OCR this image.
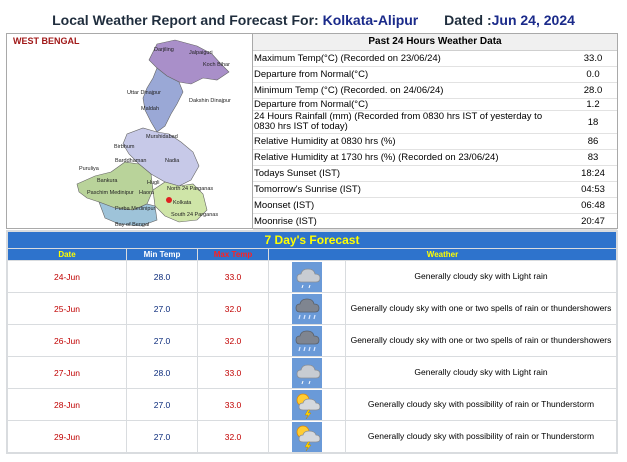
Local Weather Report and Forecast For: Kolkata-Alipur Dated :Jun 24, 2024
Darjiling	Jalpaiguri
Koch Bihar
Uttar Dinajpur
Dakshin Dinajpur
Maldah
Murshidabad
Birbhum
Nadia
Puruliya
Bankura
Barddhaman
Hugli
North 24 Parganas
Kolkata
Haora
Paschim Medinipur
Purba Medinipur
South 24 Parganas
Bay of Bengal
WEST BENGAL	Past 24 Hours Weather Data
Maximum Temp(°C) (Recorded on 23/06/24)	33.0
Departure from Normal(°C)	0.0
Minimum Temp (°C) (Recorded. on 24/06/24)	28.0
Departure from Normal(°C)	1.2
24 Hours Rainfall (mm) (Recorded from 0830 hrs IST of yesterday to 0830 hrs IST of today)	18
Relative Humidity at 0830 hrs (%)	86
Relative Humidity at 1730 hrs (%) (Recorded on 23/06/24)	83
Todays Sunset (IST)	18:24
Tomorrow's Sunrise (IST)	04:53
Moonset (IST)	06:48
Moonrise (IST)	20:47
7 Day's Forecast
Date	Min Temp	Max Temp	Weather
24-Jun	28.0	33.0	Generally cloudy sky with Light rain
25-Jun	27.0	32.0	Generally cloudy sky with one or two spells of rain or thundershowers
26-Jun	27.0	32.0	Generally cloudy sky with one or two spells of rain or thundershowers
27-Jun	28.0	33.0	Generally cloudy sky with Light rain
28-Jun	27.0	33.0	Generally cloudy sky with possibility of rain or Thunderstorm
29-Jun	27.0	32.0	Generally cloudy sky with possibility of rain or Thunderstorm
